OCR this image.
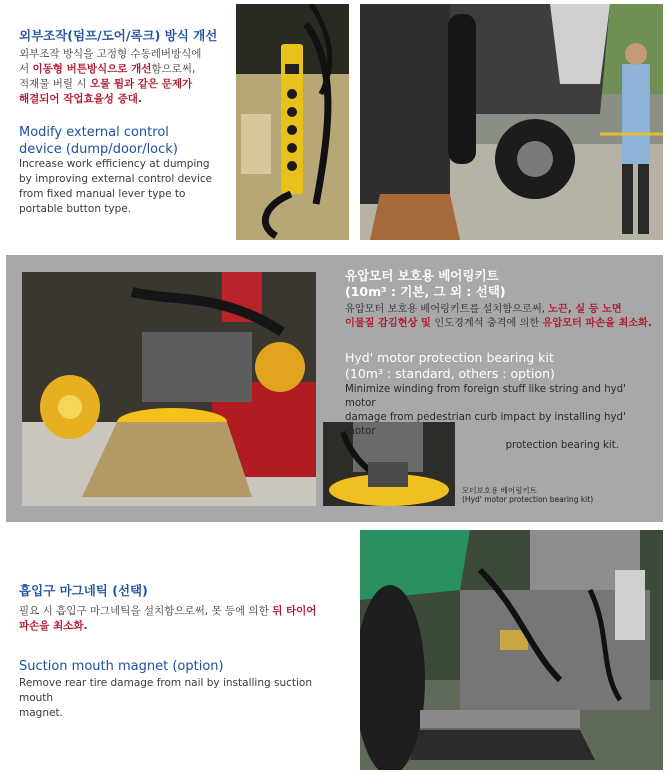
외부조작(덤프/도어/록크) 방식 개선
외부조작 방식을 고정형 수동레버방식에
서 이동형 버튼방식으로 개선함으로써,
적재물 버릴 시 오물 튐과 같은 문제가
해결되어 작업효율성 증대.
Modify external control
device (dump/door/lock)
Increase work efficiency at dumping
by improving external control device
from fixed manual lever type to
portable button type.
유압모터 보호용 베어링키트
(10m³ : 기본, 그 외 : 선택)
유압모터 보호용 베어링키트를 설치함으로써, 노끈, 실 등 노면
이물질 감김현상 및 인도경계석 충격에 의한 유압모터 파손을 최소화.
Hyd' motor protection bearing kit
(10m³ : standard, others : option)
Minimize winding from foreign stuff like string and hyd' motor
damage from pedestrian curb impact by installing hyd' motor
protection bearing kit.
모터보호용 베어링키트
(Hyd' motor protection bearing kit)
흡입구 마그네틱 (선택)
필요 시 흡입구 마그네틱을 설치함으로써, 못 등에 의한 뒤 타이어
파손을 최소화.
Suction mouth magnet (option)
Remove rear tire damage from nail by installing suction mouth
magnet.
